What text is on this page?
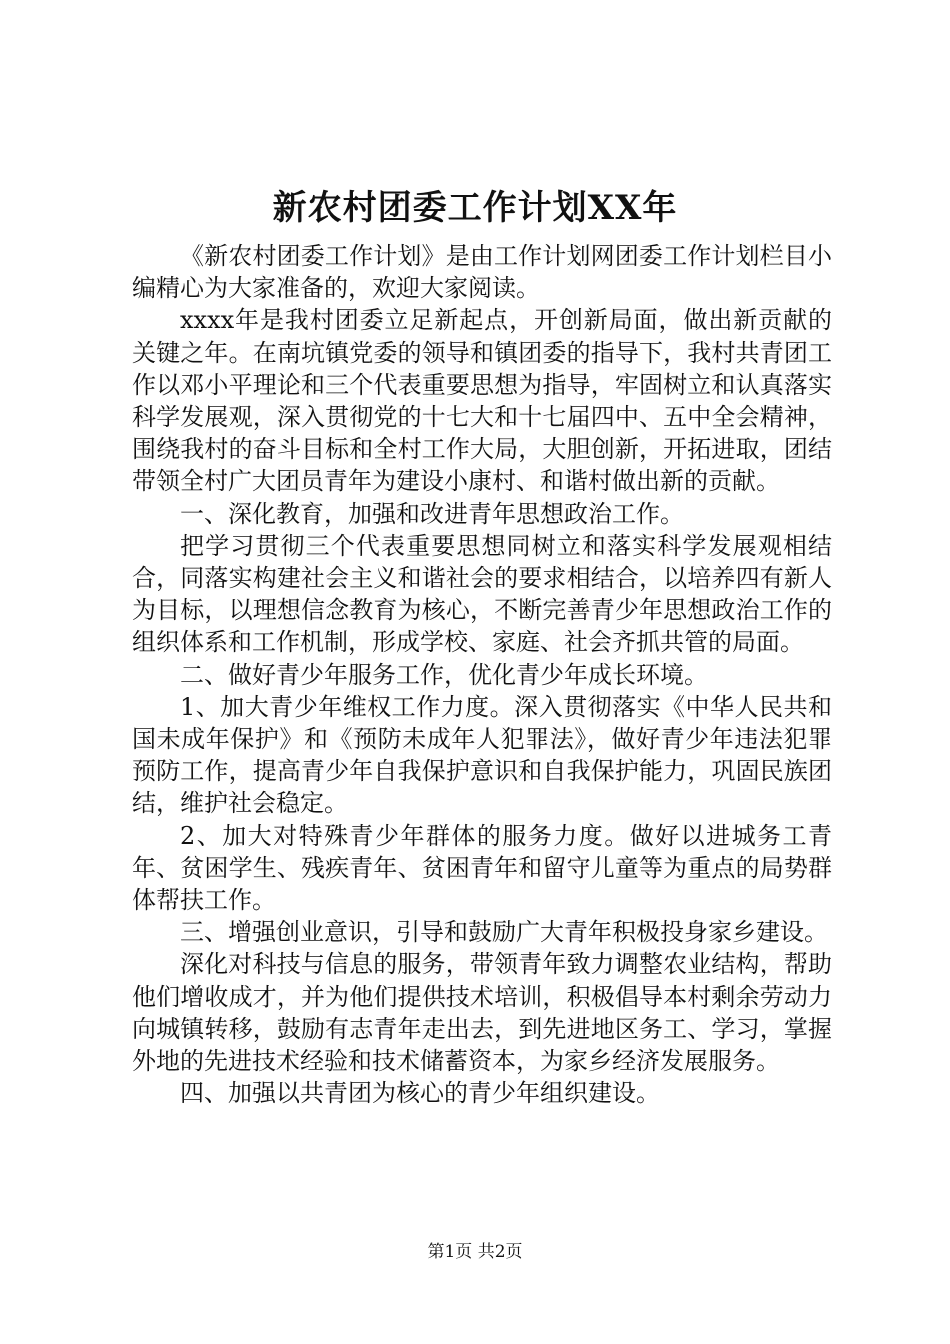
新农村团委工作计划XX年

《新农村团委工作计划》是由工作计划网团委工作计划栏目小编精心为大家准备的，欢迎大家阅读。

xxxx年是我村团委立足新起点，开创新局面，做出新贡献的关键之年。在南坑镇党委的领导和镇团委的指导下，我村共青团工作以邓小平理论和三个代表重要思想为指导，牢固树立和认真落实科学发展观，深入贯彻党的十七大和十七届四中、五中全会精神，围绕我村的奋斗目标和全村工作大局，大胆创新，开拓进取，团结带领全村广大团员青年为建设小康村、和谐村做出新的贡献。

一、深化教育，加强和改进青年思想政治工作。

把学习贯彻三个代表重要思想同树立和落实科学发展观相结合，同落实构建社会主义和谐社会的要求相结合，以培养四有新人为目标，以理想信念教育为核心，不断完善青少年思想政治工作的组织体系和工作机制，形成学校、家庭、社会齐抓共管的局面。

二、做好青少年服务工作，优化青少年成长环境。

1、加大青少年维权工作力度。深入贯彻落实《中华人民共和国未成年保护》和《预防未成年人犯罪法》，做好青少年违法犯罪预防工作，提高青少年自我保护意识和自我保护能力，巩固民族团结，维护社会稳定。

2、加大对特殊青少年群体的服务力度。做好以进城务工青年、贫困学生、残疾青年、贫困青年和留守儿童等为重点的局势群体帮扶工作。

三、增强创业意识，引导和鼓励广大青年积极投身家乡建设。

深化对科技与信息的服务，带领青年致力调整农业结构，帮助他们增收成才，并为他们提供技术培训，积极倡导本村剩余劳动力向城镇转移，鼓励有志青年走出去，到先进地区务工、学习，掌握外地的先进技术经验和技术储蓄资本，为家乡经济发展服务。

四、加强以共青团为核心的青少年组织建设。

第1页 共2页
